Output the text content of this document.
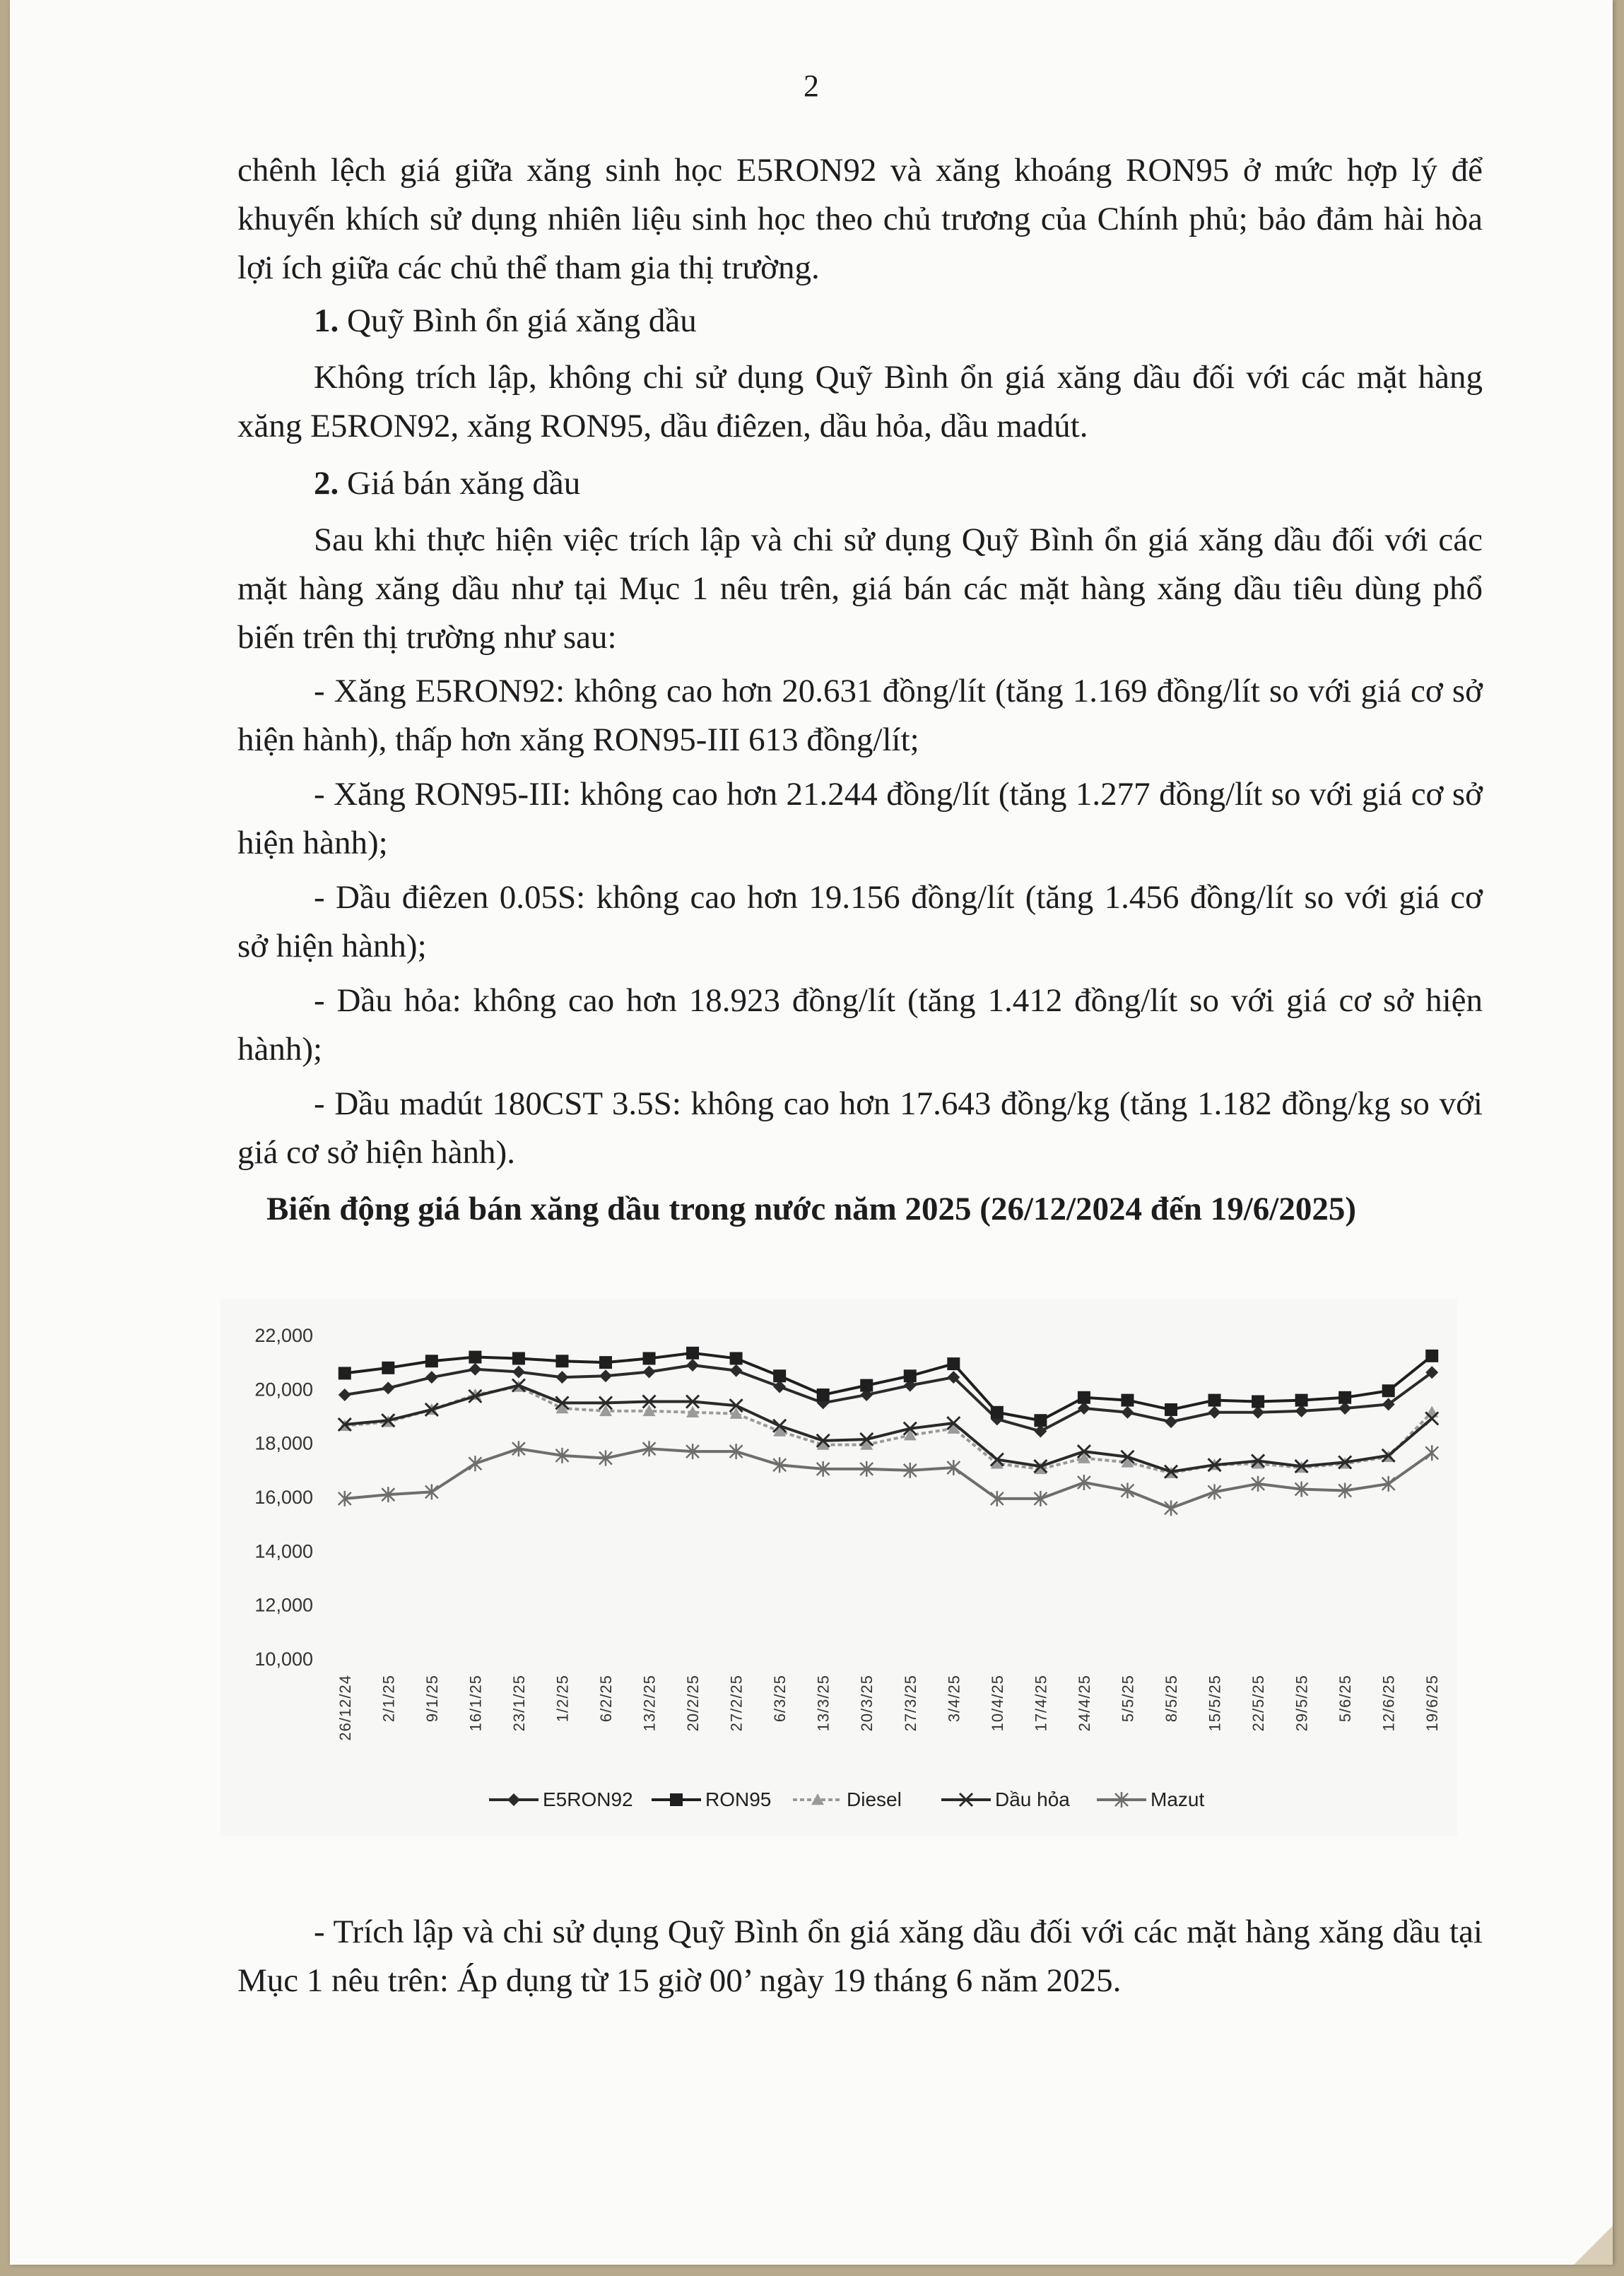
2

chênh lệch giá giữa xăng sinh học E5RON92 và xăng khoáng RON95 ở mức hợp lý để khuyến khích sử dụng nhiên liệu sinh học theo chủ trương của Chính phủ; bảo đảm hài hòa lợi ích giữa các chủ thể tham gia thị trường.

1. Quỹ Bình ổn giá xăng dầu

Không trích lập, không chi sử dụng Quỹ Bình ổn giá xăng dầu đối với các mặt hàng xăng E5RON92, xăng RON95, dầu điêzen, dầu hỏa, dầu madút.

2. Giá bán xăng dầu

Sau khi thực hiện việc trích lập và chi sử dụng Quỹ Bình ổn giá xăng dầu đối với các mặt hàng xăng dầu như tại Mục 1 nêu trên, giá bán các mặt hàng xăng dầu tiêu dùng phổ biến trên thị trường như sau:

- Xăng E5RON92: không cao hơn 20.631 đồng/lít (tăng 1.169 đồng/lít so với giá cơ sở hiện hành), thấp hơn xăng RON95-III 613 đồng/lít;

- Xăng RON95-III: không cao hơn 21.244 đồng/lít (tăng 1.277 đồng/lít so với giá cơ sở hiện hành);

- Dầu điêzen 0.05S: không cao hơn 19.156 đồng/lít (tăng 1.456 đồng/lít so với giá cơ sở hiện hành);

- Dầu hỏa: không cao hơn 18.923 đồng/lít (tăng 1.412 đồng/lít so với giá cơ sở hiện hành);

- Dầu madút 180CST 3.5S: không cao hơn 17.643 đồng/kg (tăng 1.182 đồng/kg so với giá cơ sở hiện hành).

Biến động giá bán xăng dầu trong nước năm 2025 (26/12/2024 đến 19/6/2025)
10,000
12,000
14,000
16,000
18,000
20,000
22,000
26/12/24 2/1/25 9/1/25 16/1/25 23/1/25 1/2/25 6/2/25 13/2/25 20/2/25 27/2/25 6/3/25 13/3/25 20/3/25 27/3/25 3/4/25 10/4/25 17/4/25 24/4/25 5/5/25 8/5/25 15/5/25 22/5/25 29/5/25 5/6/25 12/6/25 19/6/25
E5RON92	RON95	Diesel	Dầu hỏa	Mazut

- Trích lập và chi sử dụng Quỹ Bình ổn giá xăng dầu đối với các mặt hàng xăng dầu tại Mục 1 nêu trên: Áp dụng từ 15 giờ 00’ ngày 19 tháng 6 năm 2025.
